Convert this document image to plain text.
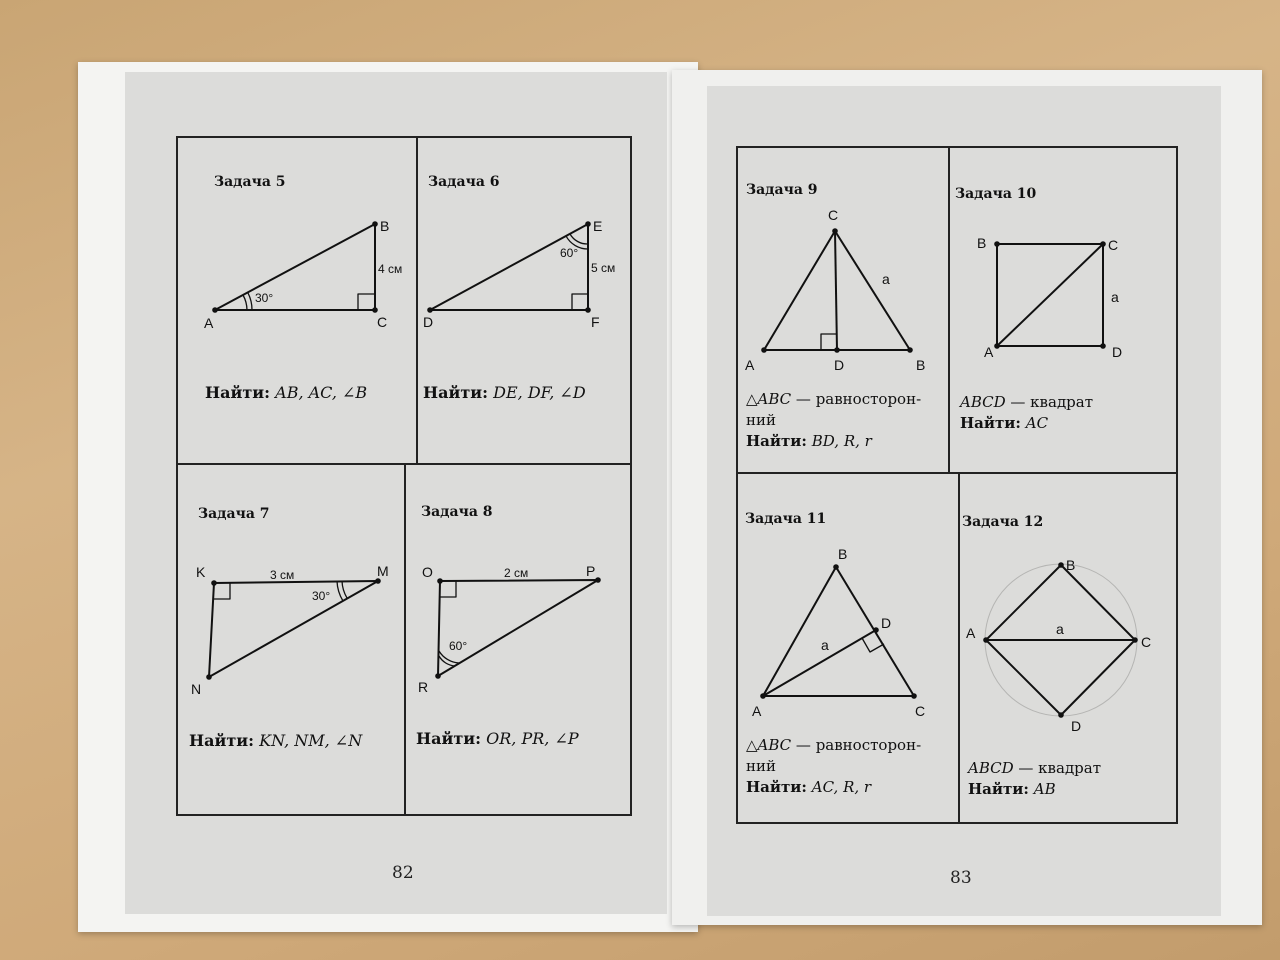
Задача 5	Задача 6
Задача 7	Задача 8
Задача 9	Задача 10
Задача 11	Задача 12
Найти: AB, AC, ∠B	Найти: DE, DF, ∠D
Найти: KN, NM, ∠N	Найти: OR, PR, ∠P
△ABC — равносторон-
ний
Найти: BD, R, r
ABCD — квадрат
Найти: AC
△ABC — равносторон-
ний
Найти: AC, R, r
ABCD — квадрат
Найти: AB
82	83
A
B
C
30°
4 см
D
E
F
60°
5 см
K	M
N
30°
3 см	O	P
R
60°
2 см
A	B
C
D
a
A
B	C
D
a
A
B
C
D
a
A
B
C
D
a
